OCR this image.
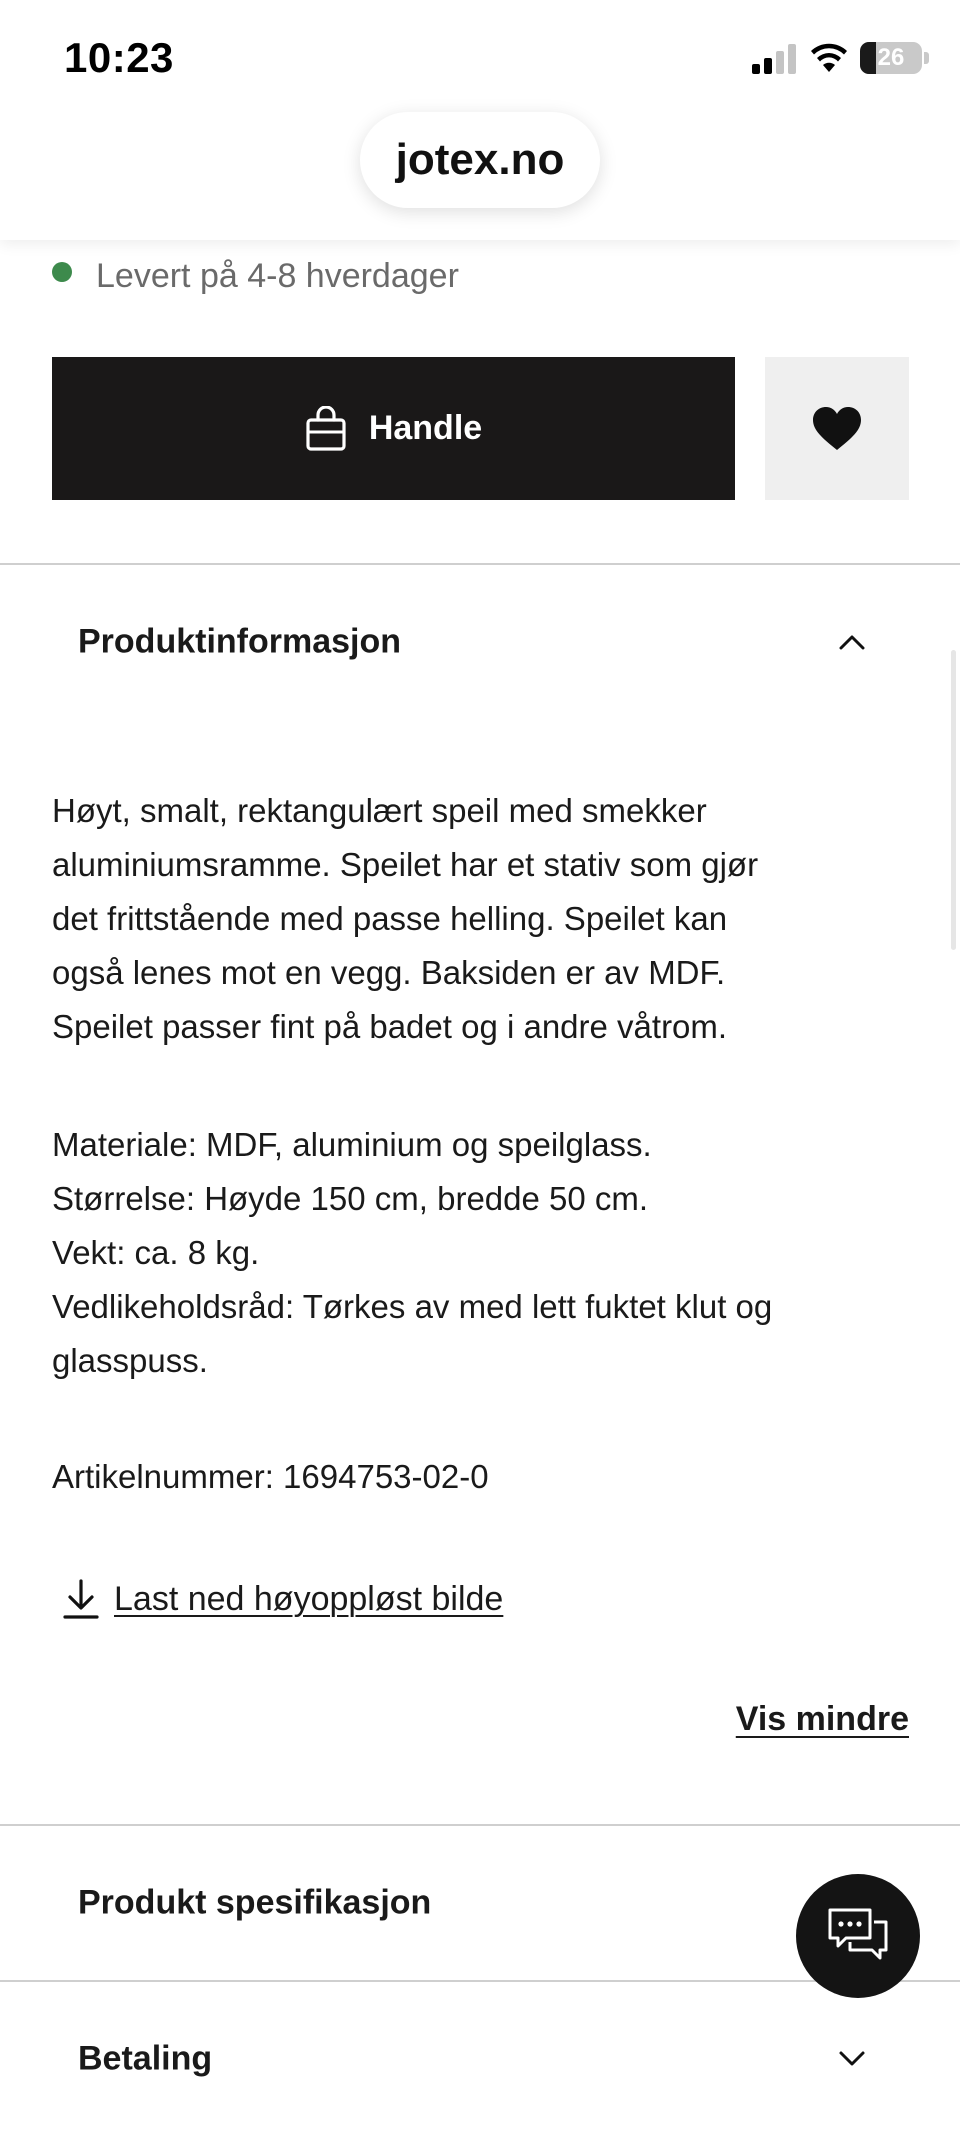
10:23	26
jotex.no
Levert på 4-8 hverdager
Handle
Produktinformasjon
Høyt, smalt, rektangulært speil med smekker
aluminiumsramme. Speilet har et stativ som gjør
det frittstående med passe helling. Speilet kan
også lenes mot en vegg. Baksiden er av MDF.
Speilet passer fint på badet og i andre våtrom.
Materiale: MDF, aluminium og speilglass.
Størrelse: Høyde 150 cm, bredde 50 cm.
Vekt: ca. 8 kg.
Vedlikeholdsråd: Tørkes av med lett fuktet klut og
glasspuss.
Artikelnummer: 1694753-02-0
Last ned høyoppløst bilde
Vis mindre
Produkt spesifikasjon
Betaling
